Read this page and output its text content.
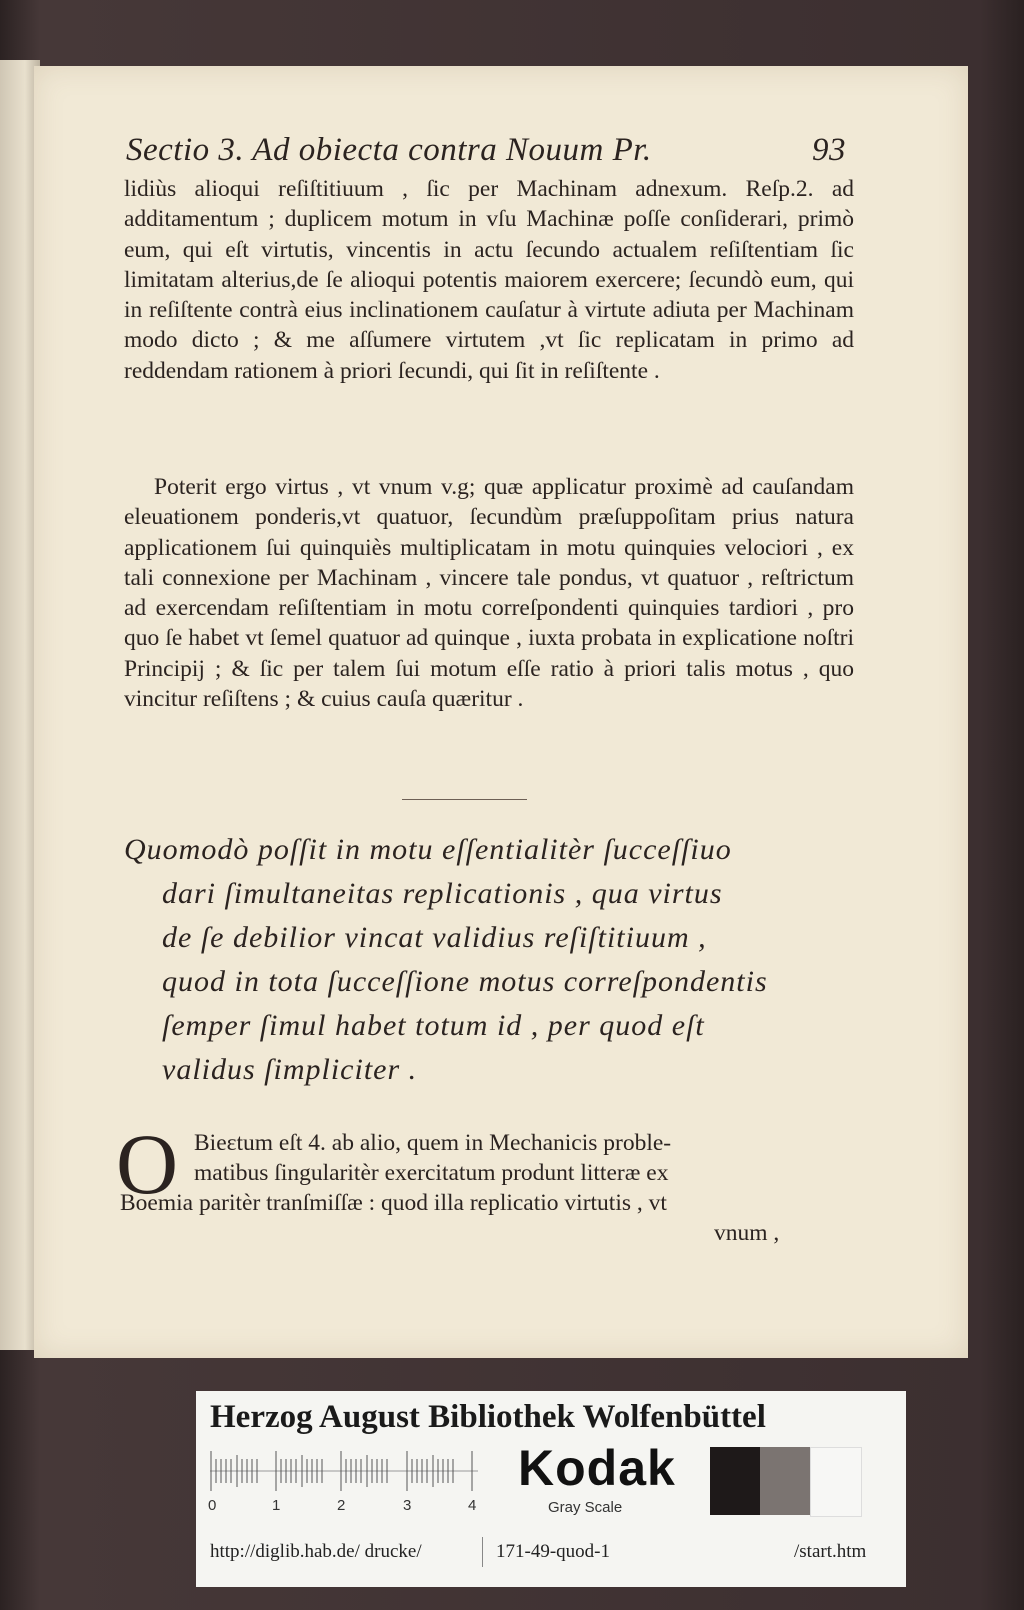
Sectio 3. Ad obiecta contra Nouum Pr.	93
lidiùs alioqui reſiſtitiuum , ſic per Machinam adnexum. Reſp.2. ad additamentum ; duplicem motum in vſu Machinæ poſſe conſiderari, primò eum, qui eſt virtutis, vincentis in actu ſecundo actualem reſiſtentiam ſic limitatam alterius,de ſe alioqui potentis maiorem exercere; ſecundò eum, qui in reſiſtente contrà eius inclinationem cauſatur à virtute adiuta per Machinam modo dicto ; & me aſſumere virtutem ,vt ſic replicatam in primo ad reddendam rationem à priori ſecundi, qui ſit in reſiſtente .
Poterit ergo virtus , vt vnum v.g; quæ applicatur proximè ad cauſandam eleuationem ponderis,vt quatuor, ſecundùm præſuppoſitam prius natura applicationem ſui quinquiès multiplicatam in motu quinquies velociori , ex tali connexione per Machinam , vincere tale pondus, vt quatuor , reſtrictum ad exercendam reſiſtentiam in motu correſpondenti quinquies tardiori , pro quo ſe habet vt ſemel quatuor ad quinque , iuxta probata in explicatione noſtri Principij ; & ſic per talem ſui motum eſſe ratio à priori talis motus , quo vincitur reſiſtens ; & cuius cauſa quæritur .
Quomodò poſſit in motu eſſentialitèr ſucceſſiuo
dari ſimultaneitas replicationis , qua virtus
de ſe debilior vincat validius reſiſtitiuum ,
quod in tota ſucceſſione motus correſpondentis
ſemper ſimul habet totum id , per quod eſt
validus ſimpliciter .
O Bieɛtum eſt 4. ab alio, quem in Mechanicis proble-
matibus ſingularitèr exercitatum produnt litteræ ex
Boemia paritèr tranſmiſſæ : quod illa replicatio virtutis , vt
vnum ,
Herzog August Bibliothek Wolfenbüttel
0	1	2	3	4
Kodak
Gray Scale
http://diglib.hab.de/ drucke/	171-49-quod-1	/start.htm
